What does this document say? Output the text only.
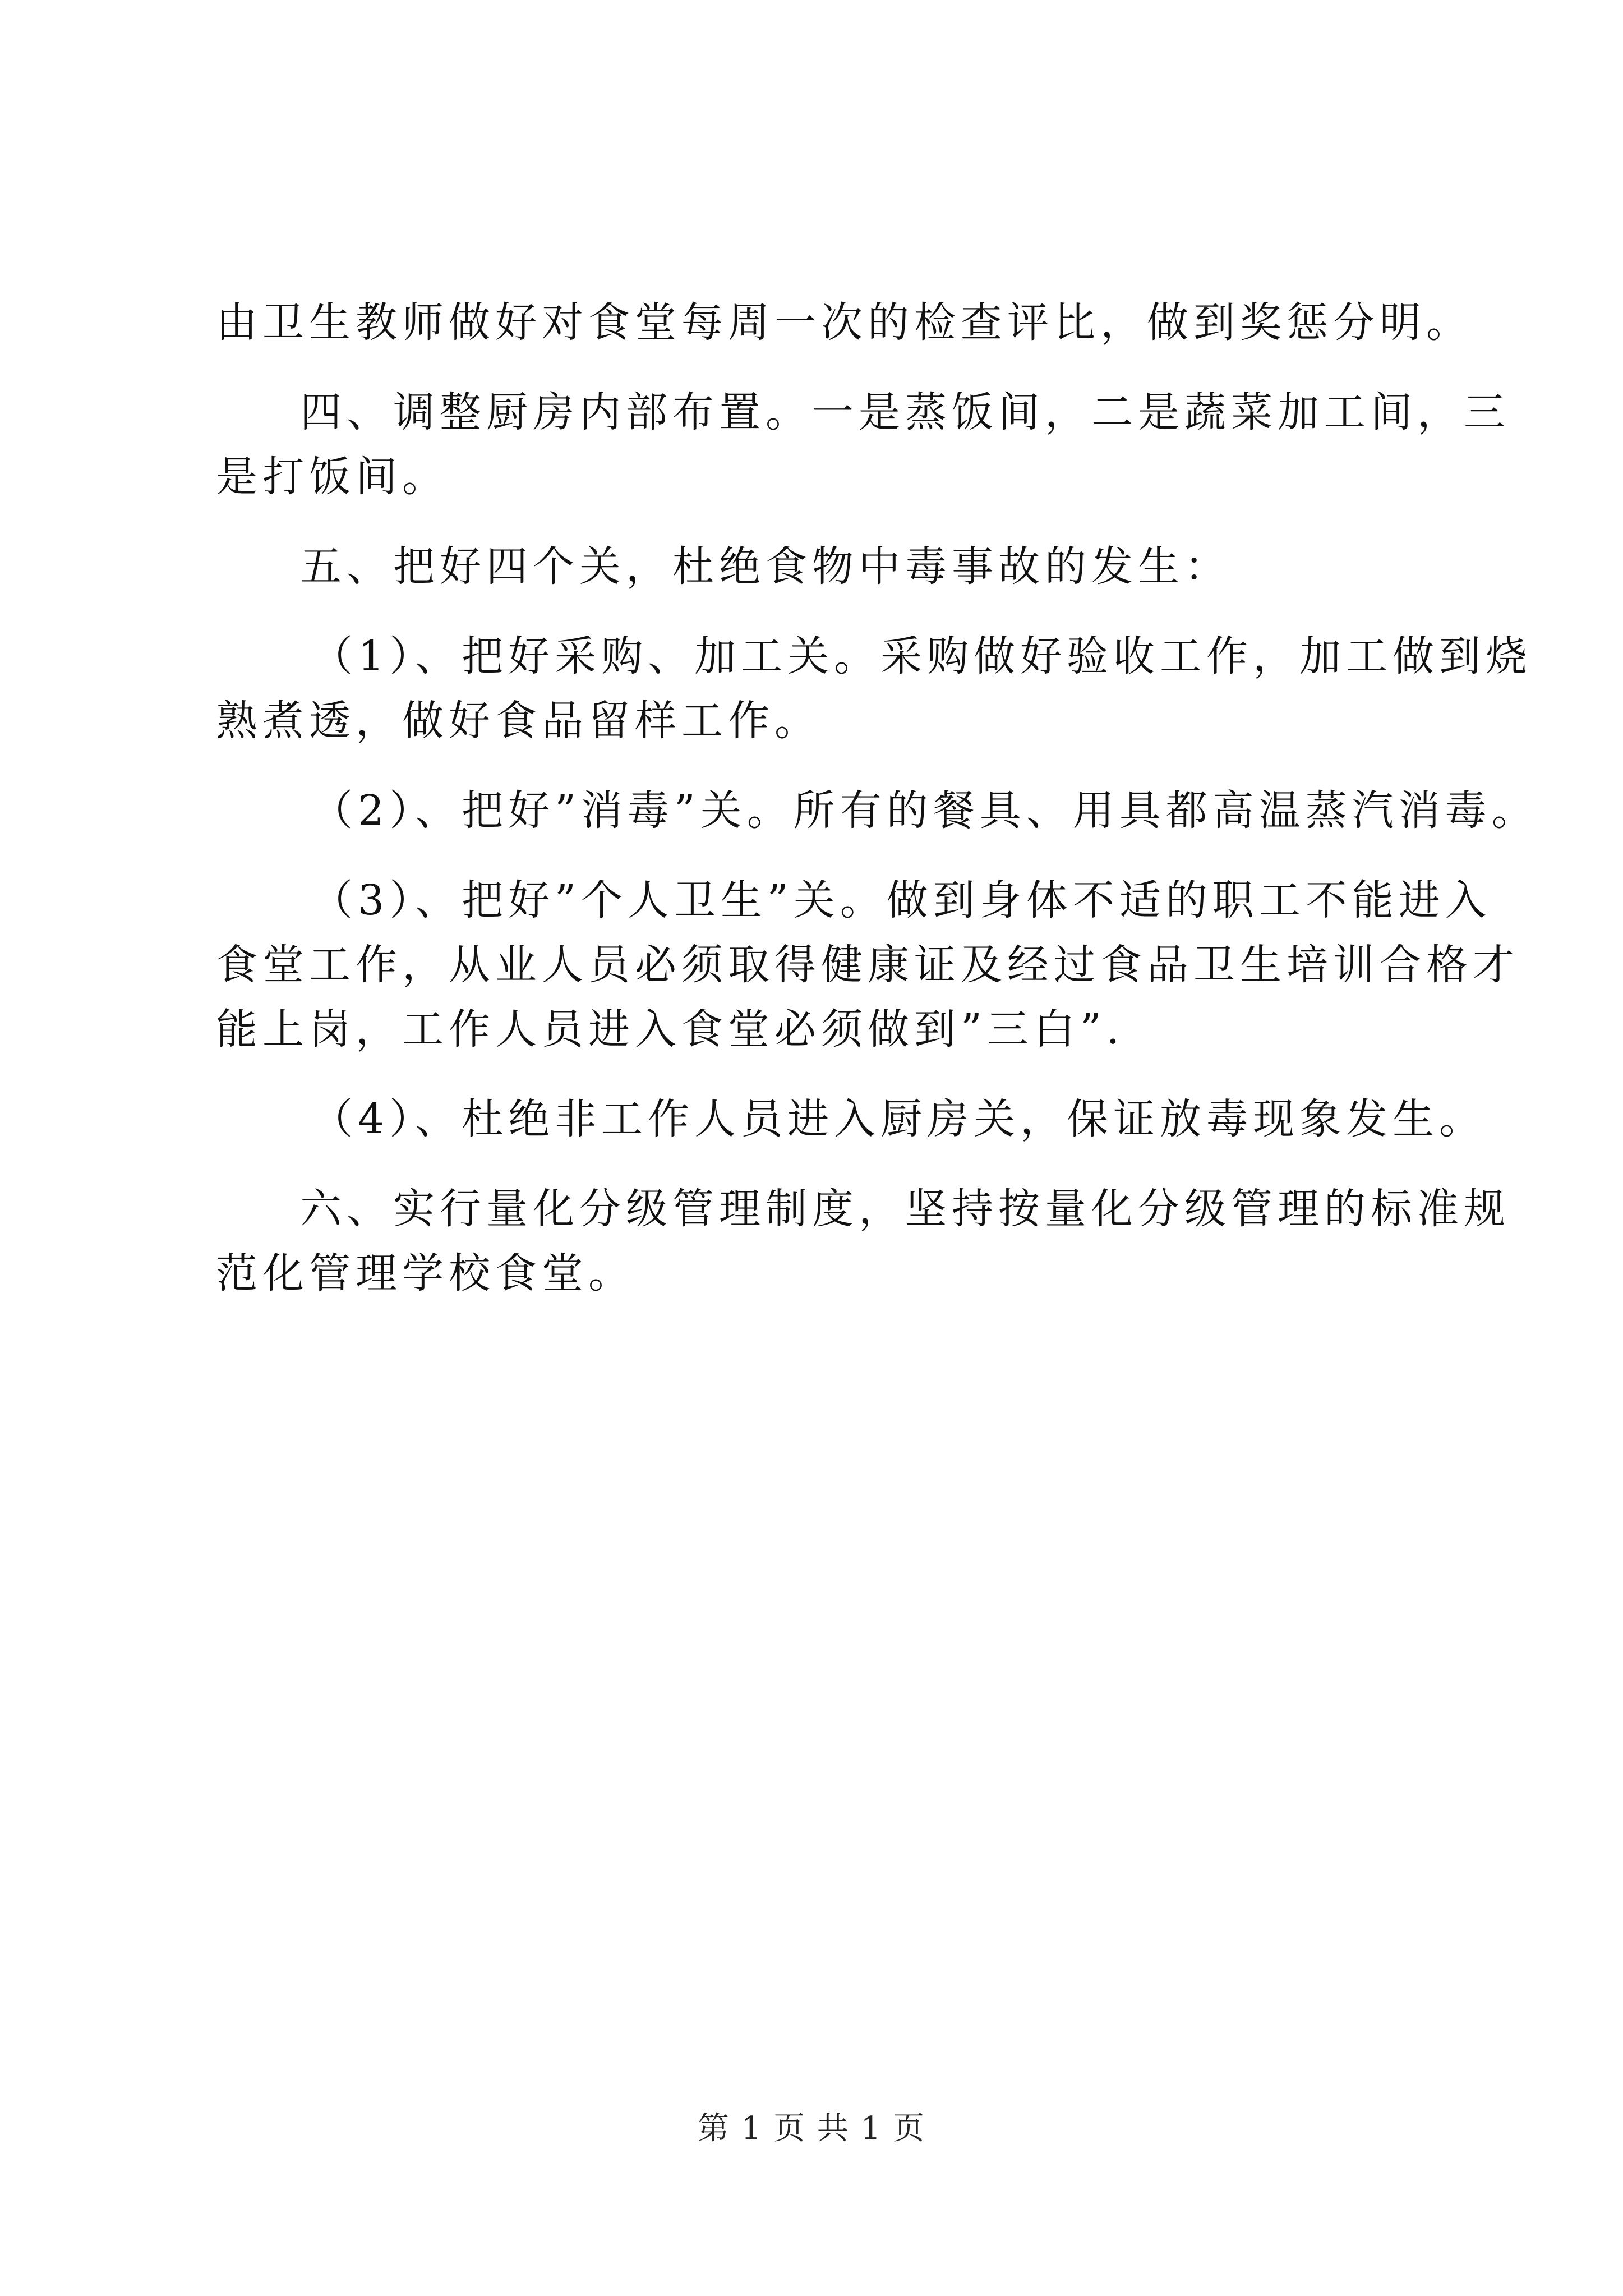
由卫生教师做好对食堂每周一次的检查评比，做到奖惩分明。
四、调整厨房内部布置。一是蒸饭间，二是蔬菜加工间，三
是打饭间。
五、把好四个关，杜绝食物中毒事故的发生：
（1）、把好采购、加工关。采购做好验收工作，加工做到烧
熟煮透，做好食品留样工作。
（2）、把好”消毒”关。所有的餐具、用具都高温蒸汽消毒。
（3）、把好”个人卫生”关。做到身体不适的职工不能进入
食堂工作，从业人员必须取得健康证及经过食品卫生培训合格才
能上岗，工作人员进入食堂必须做到”三白”.
（4）、杜绝非工作人员进入厨房关，保证放毒现象发生。
六、实行量化分级管理制度，坚持按量化分级管理的标准规
范化管理学校食堂。
第 1 页 共 1 页
